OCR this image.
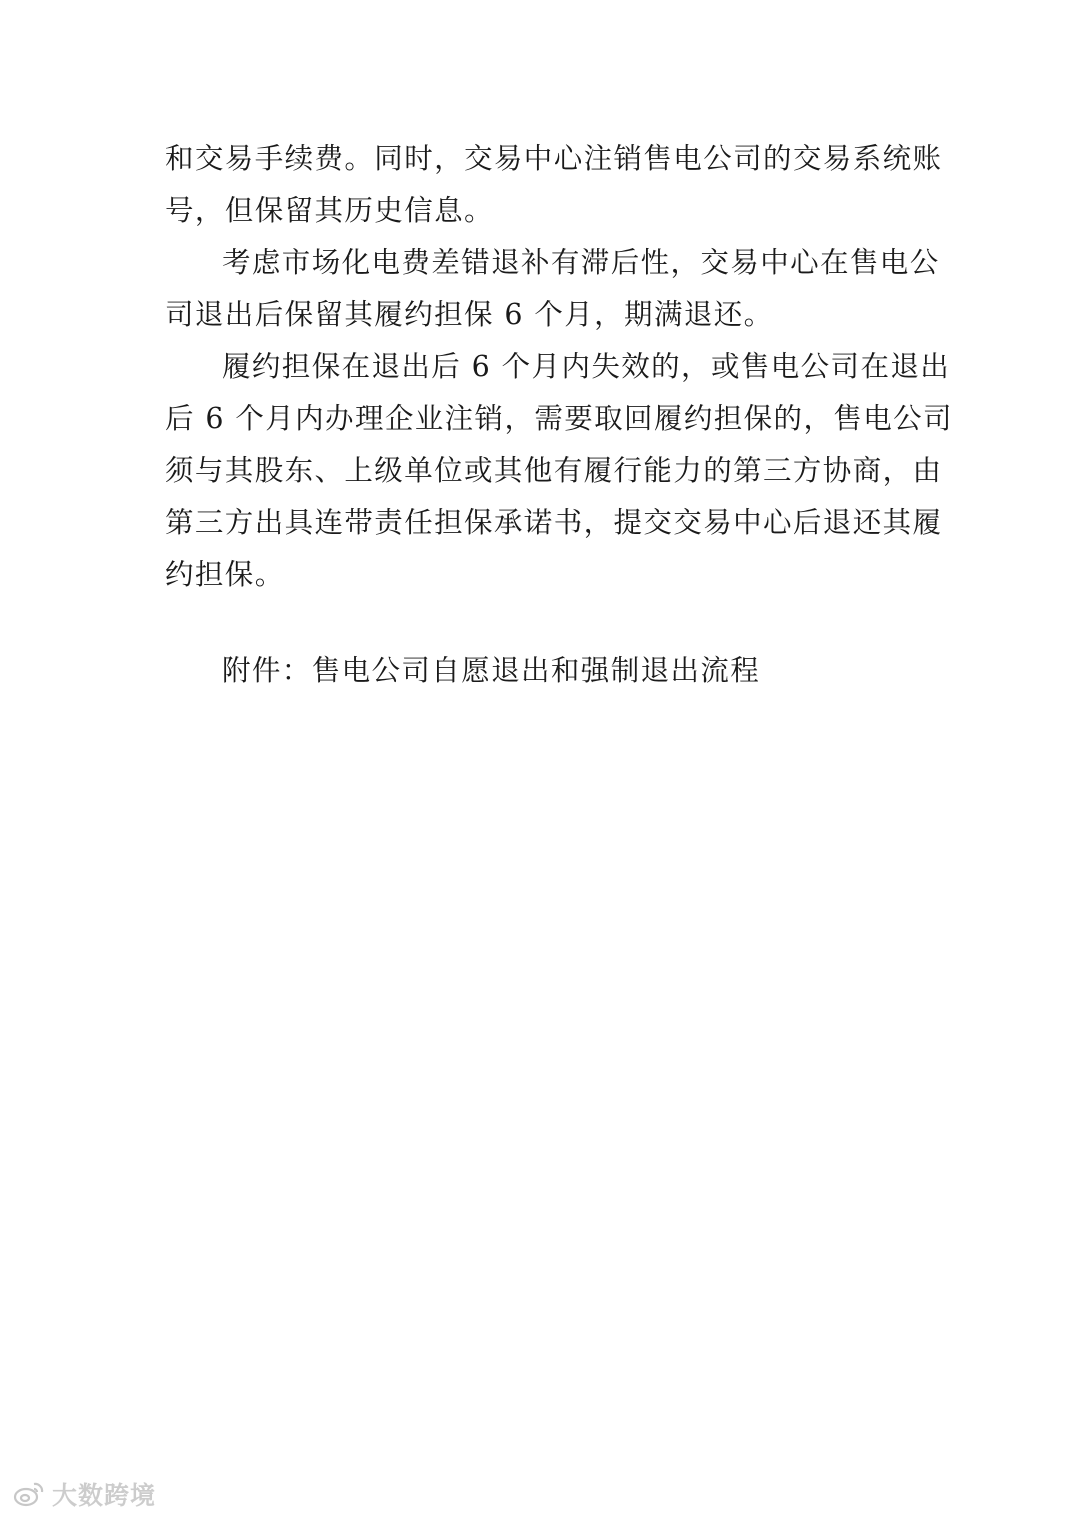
和交易手续费。同时，交易中心注销售电公司的交易系统账
号，但保留其历史信息。
考虑市场化电费差错退补有滞后性，交易中心在售电公
司退出后保留其履约担保 6 个月，期满退还。
履约担保在退出后 6 个月内失效的，或售电公司在退出
后 6 个月内办理企业注销，需要取回履约担保的，售电公司
须与其股东、上级单位或其他有履行能力的第三方协商，由
第三方出具连带责任担保承诺书，提交交易中心后退还其履
约担保。
附件：售电公司自愿退出和强制退出流程
大数跨境
